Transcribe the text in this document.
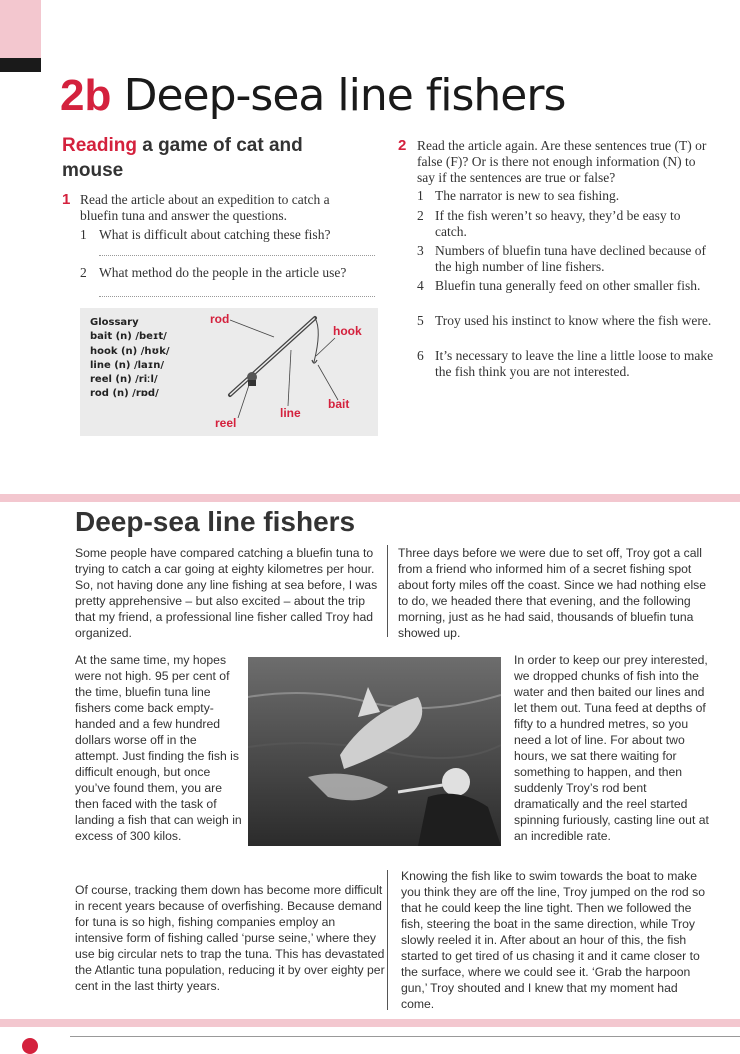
2b Deep-sea line fishers
Reading a game of cat and mouse
1 Read the article about an expedition to catch a bluefin tuna and answer the questions.
1 What is difficult about catching these fish?
2 What method do the people in the article use?
Glossary
bait (n) /beɪt/
hook (n) /hʊk/
line (n) /laɪn/
reel (n) /riːl/
rod (n) /rɒd/
rod
hook
bait
line
reel
2 Read the article again. Are these sentences true (T) or false (F)? Or is there not enough information (N) to say if the sentences are true or false?
1 The narrator is new to sea fishing.
2 If the fish weren’t so heavy, they’d be easy to catch.
3 Numbers of bluefin tuna have declined because of the high number of line fishers.
4 Bluefin tuna generally feed on other smaller fish.
5 Troy used his instinct to know where the fish were.
6 It’s necessary to leave the line a little loose to make the fish think you are not interested.
Deep-sea line fishers
Some people have compared catching a bluefin tuna to trying to catch a car going at eighty kilometres per hour. So, not having done any line fishing at sea before, I was pretty apprehensive – but also excited – about the trip that my friend, a professional line fisher called Troy had organized.
Three days before we were due to set off, Troy got a call from a friend who informed him of a secret fishing spot about forty miles off the coast. Since we had nothing else to do, we headed there that evening, and the following morning, just as he had said, thousands of bluefin tuna showed up.
At the same time, my hopes were not high. 95 per cent of the time, bluefin tuna line fishers come back empty-handed and a few hundred dollars worse off in the attempt. Just finding the fish is difficult enough, but once you’ve found them, you are then faced with the task of landing a fish that can weigh in excess of 300 kilos.
In order to keep our prey interested, we dropped chunks of fish into the water and then baited our lines and let them out. Tuna feed at depths of fifty to a hundred metres, so you need a lot of line. For about two hours, we sat there waiting for something to happen, and then suddenly Troy’s rod bent dramatically and the reel started spinning furiously, casting line out at an incredible rate.
Of course, tracking them down has become more difficult in recent years because of overfishing. Because demand for tuna is so high, fishing companies employ an intensive form of fishing called ‘purse seine,’ where they use big circular nets to trap the tuna. This has devastated the Atlantic tuna population, reducing it by over eighty per cent in the last thirty years.
Knowing the fish like to swim towards the boat to make you think they are off the line, Troy jumped on the rod so that he could keep the line tight. Then we followed the fish, steering the boat in the same direction, while Troy slowly reeled it in. After about an hour of this, the fish started to get tired of us chasing it and it came closer to the surface, where we could see it. ‘Grab the harpoon gun,’ Troy shouted and I knew that my moment had come.
